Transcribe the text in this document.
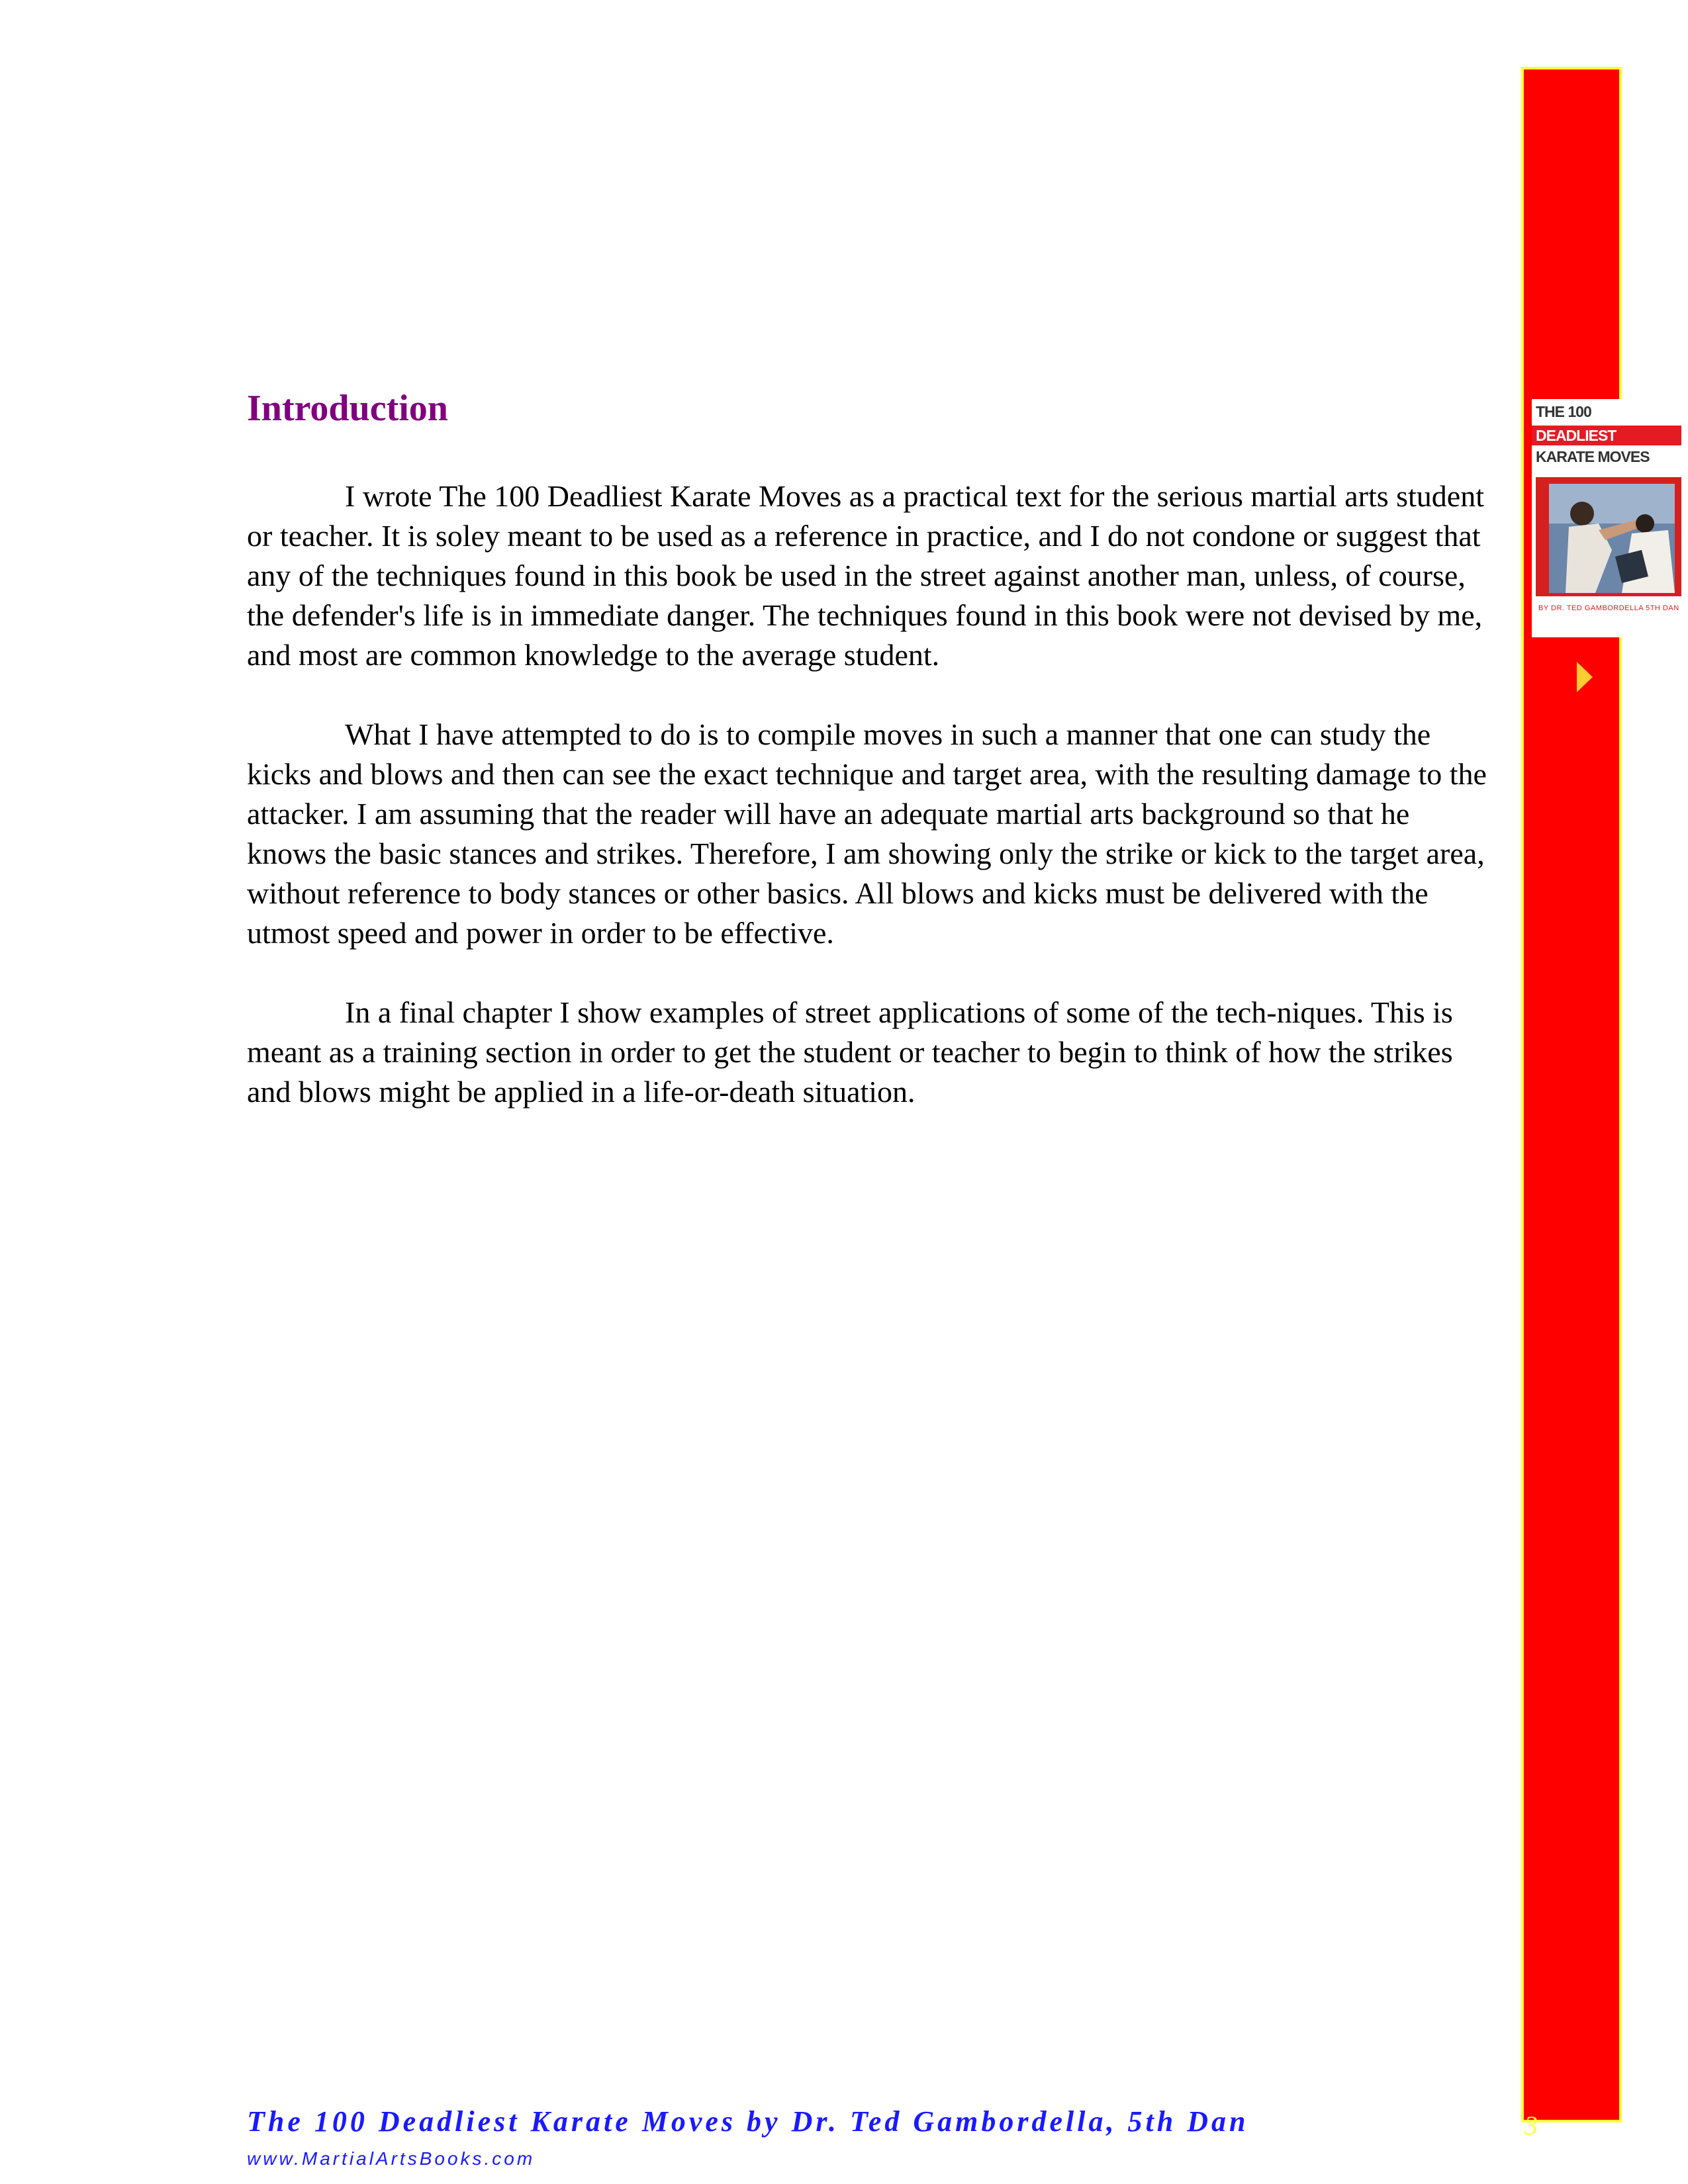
Introduction

I wrote The 100 Deadliest Karate Moves as a practical text for the serious martial arts student or teacher. It is soley meant to be used as a reference in practice, and I do not condone or suggest that any of the techniques found in this book be used in the street against another man, unless, of course, the defender's life is in immediate danger. The techniques found in this book were not devised by me, and most are common knowledge to the average student.

What I have attempted to do is to compile moves in such a manner that one can study the kicks and blows and then can see the exact technique and target area, with the resulting damage to the attacker. I am assuming that the reader will have an adequate martial arts background so that he knows the basic stances and strikes. Therefore, I am showing only the strike or kick to the target area, without reference to body stances or other basics. All blows and kicks must be delivered with the utmost speed and power in order to be effective.

In a final chapter I show examples of street applications of some of the tech-niques. This is meant as a training section in order to get the student or teacher to begin to think of how the strikes and blows might be applied in a life-or-death situation.

THE 100
DEADLIEST
KARATE MOVES
BY DR. TED GAMBORDELLA 5TH DAN
3
The 100 Deadliest Karate Moves by Dr. Ted Gambordella, 5th Dan
www.MartialArtsBooks.com
